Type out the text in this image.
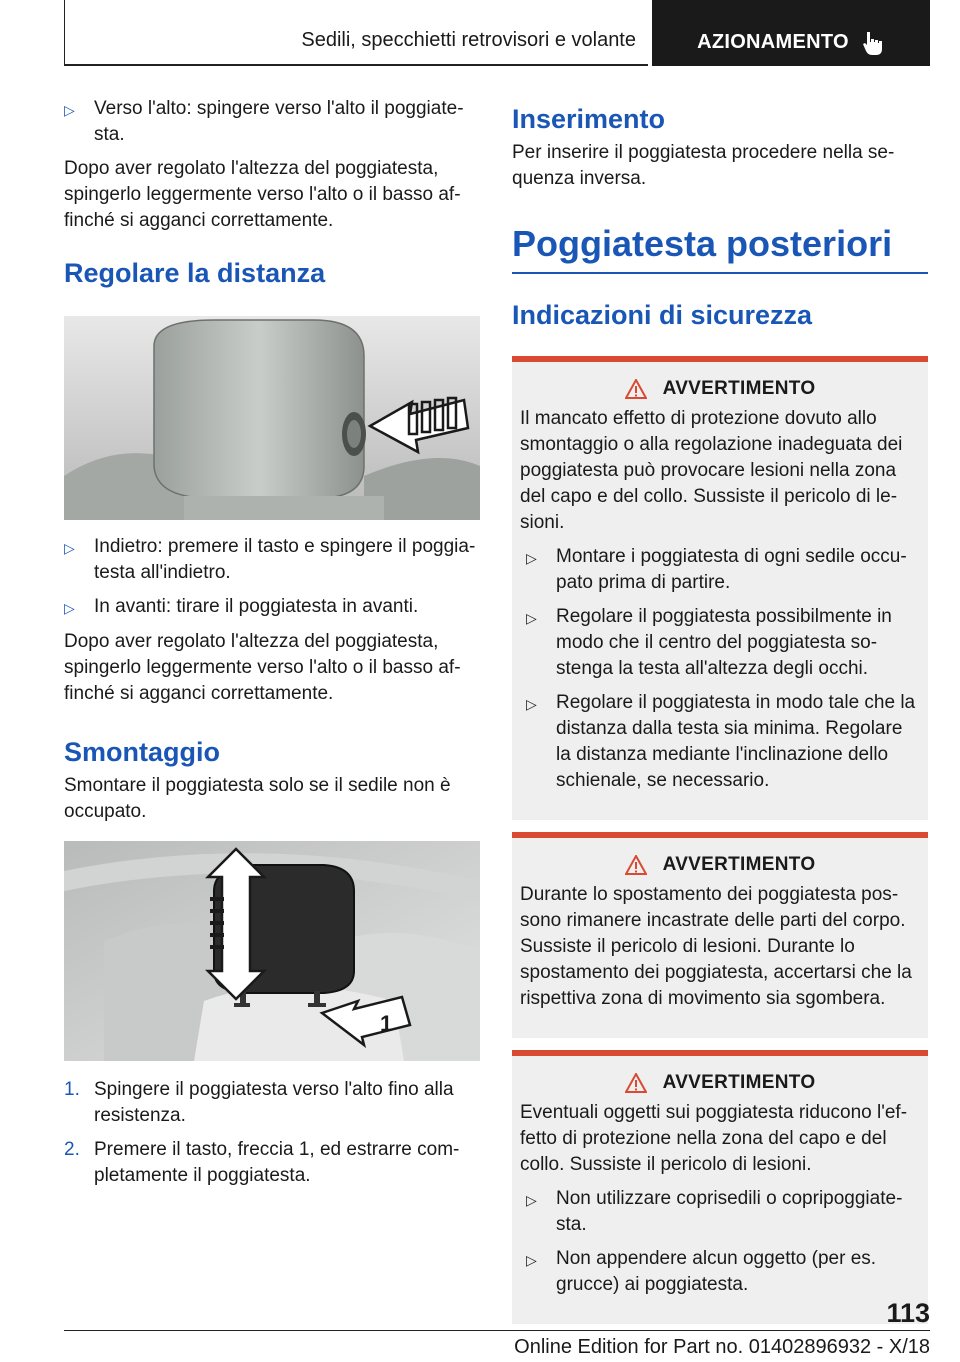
Sedili, specchietti retrovisori e volante	AZIONAMENTO
▷	Verso l'alto: spingere verso l'alto il poggiatesta.

Dopo aver regolato l'altezza del poggiatesta, spingerlo leggermente verso l'alto o il basso affinché si agganci correttamente.

Regolare la distanza
▷	Indietro: premere il tasto e spingere il poggiatesta all'indietro.
▷	In avanti: tirare il poggiatesta in avanti.

Dopo aver regolato l'altezza del poggiatesta, spingerlo leggermente verso l'alto o il basso affinché si agganci correttamente.

Smontaggio

Smontare il poggiatesta solo se il sedile non è occupato.

1
1. Spingere il poggiatesta verso l'alto fino alla resistenza.
2. Premere il tasto, freccia 1, ed estrarre completamente il poggiatesta.
Inserimento

Per inserire il poggiatesta procedere nella sequenza inversa.

Poggiatesta posteriori
Indicazioni di sicurezza
AVVERTIMENTO

Il mancato effetto di protezione dovuto allo smontaggio o alla regolazione inadeguata dei poggiatesta può provocare lesioni nella zona del capo e del collo. Sussiste il pericolo di lesioni.

▷	Montare i poggiatesta di ogni sedile occupato prima di partire.
▷	Regolare il poggiatesta possibilmente in modo che il centro del poggiatesta sostenga la testa all'altezza degli occhi.
▷	Regolare il poggiatesta in modo tale che la distanza dalla testa sia minima. Regolare la distanza mediante l'inclinazione dello schienale, se necessario.
AVVERTIMENTO

Durante lo spostamento dei poggiatesta possono rimanere incastrate delle parti del corpo. Sussiste il pericolo di lesioni. Durante lo spostamento dei poggiatesta, accertarsi che la rispettiva zona di movimento sia sgombera.

AVVERTIMENTO

Eventuali oggetti sui poggiatesta riducono l'effetto di protezione nella zona del capo e del collo. Sussiste il pericolo di lesioni.

▷	Non utilizzare coprisedili o copripoggiatesta.
▷	Non appendere alcun oggetto (per es. grucce) ai poggiatesta.
113
Online Edition for Part no. 01402896932 - X/18
